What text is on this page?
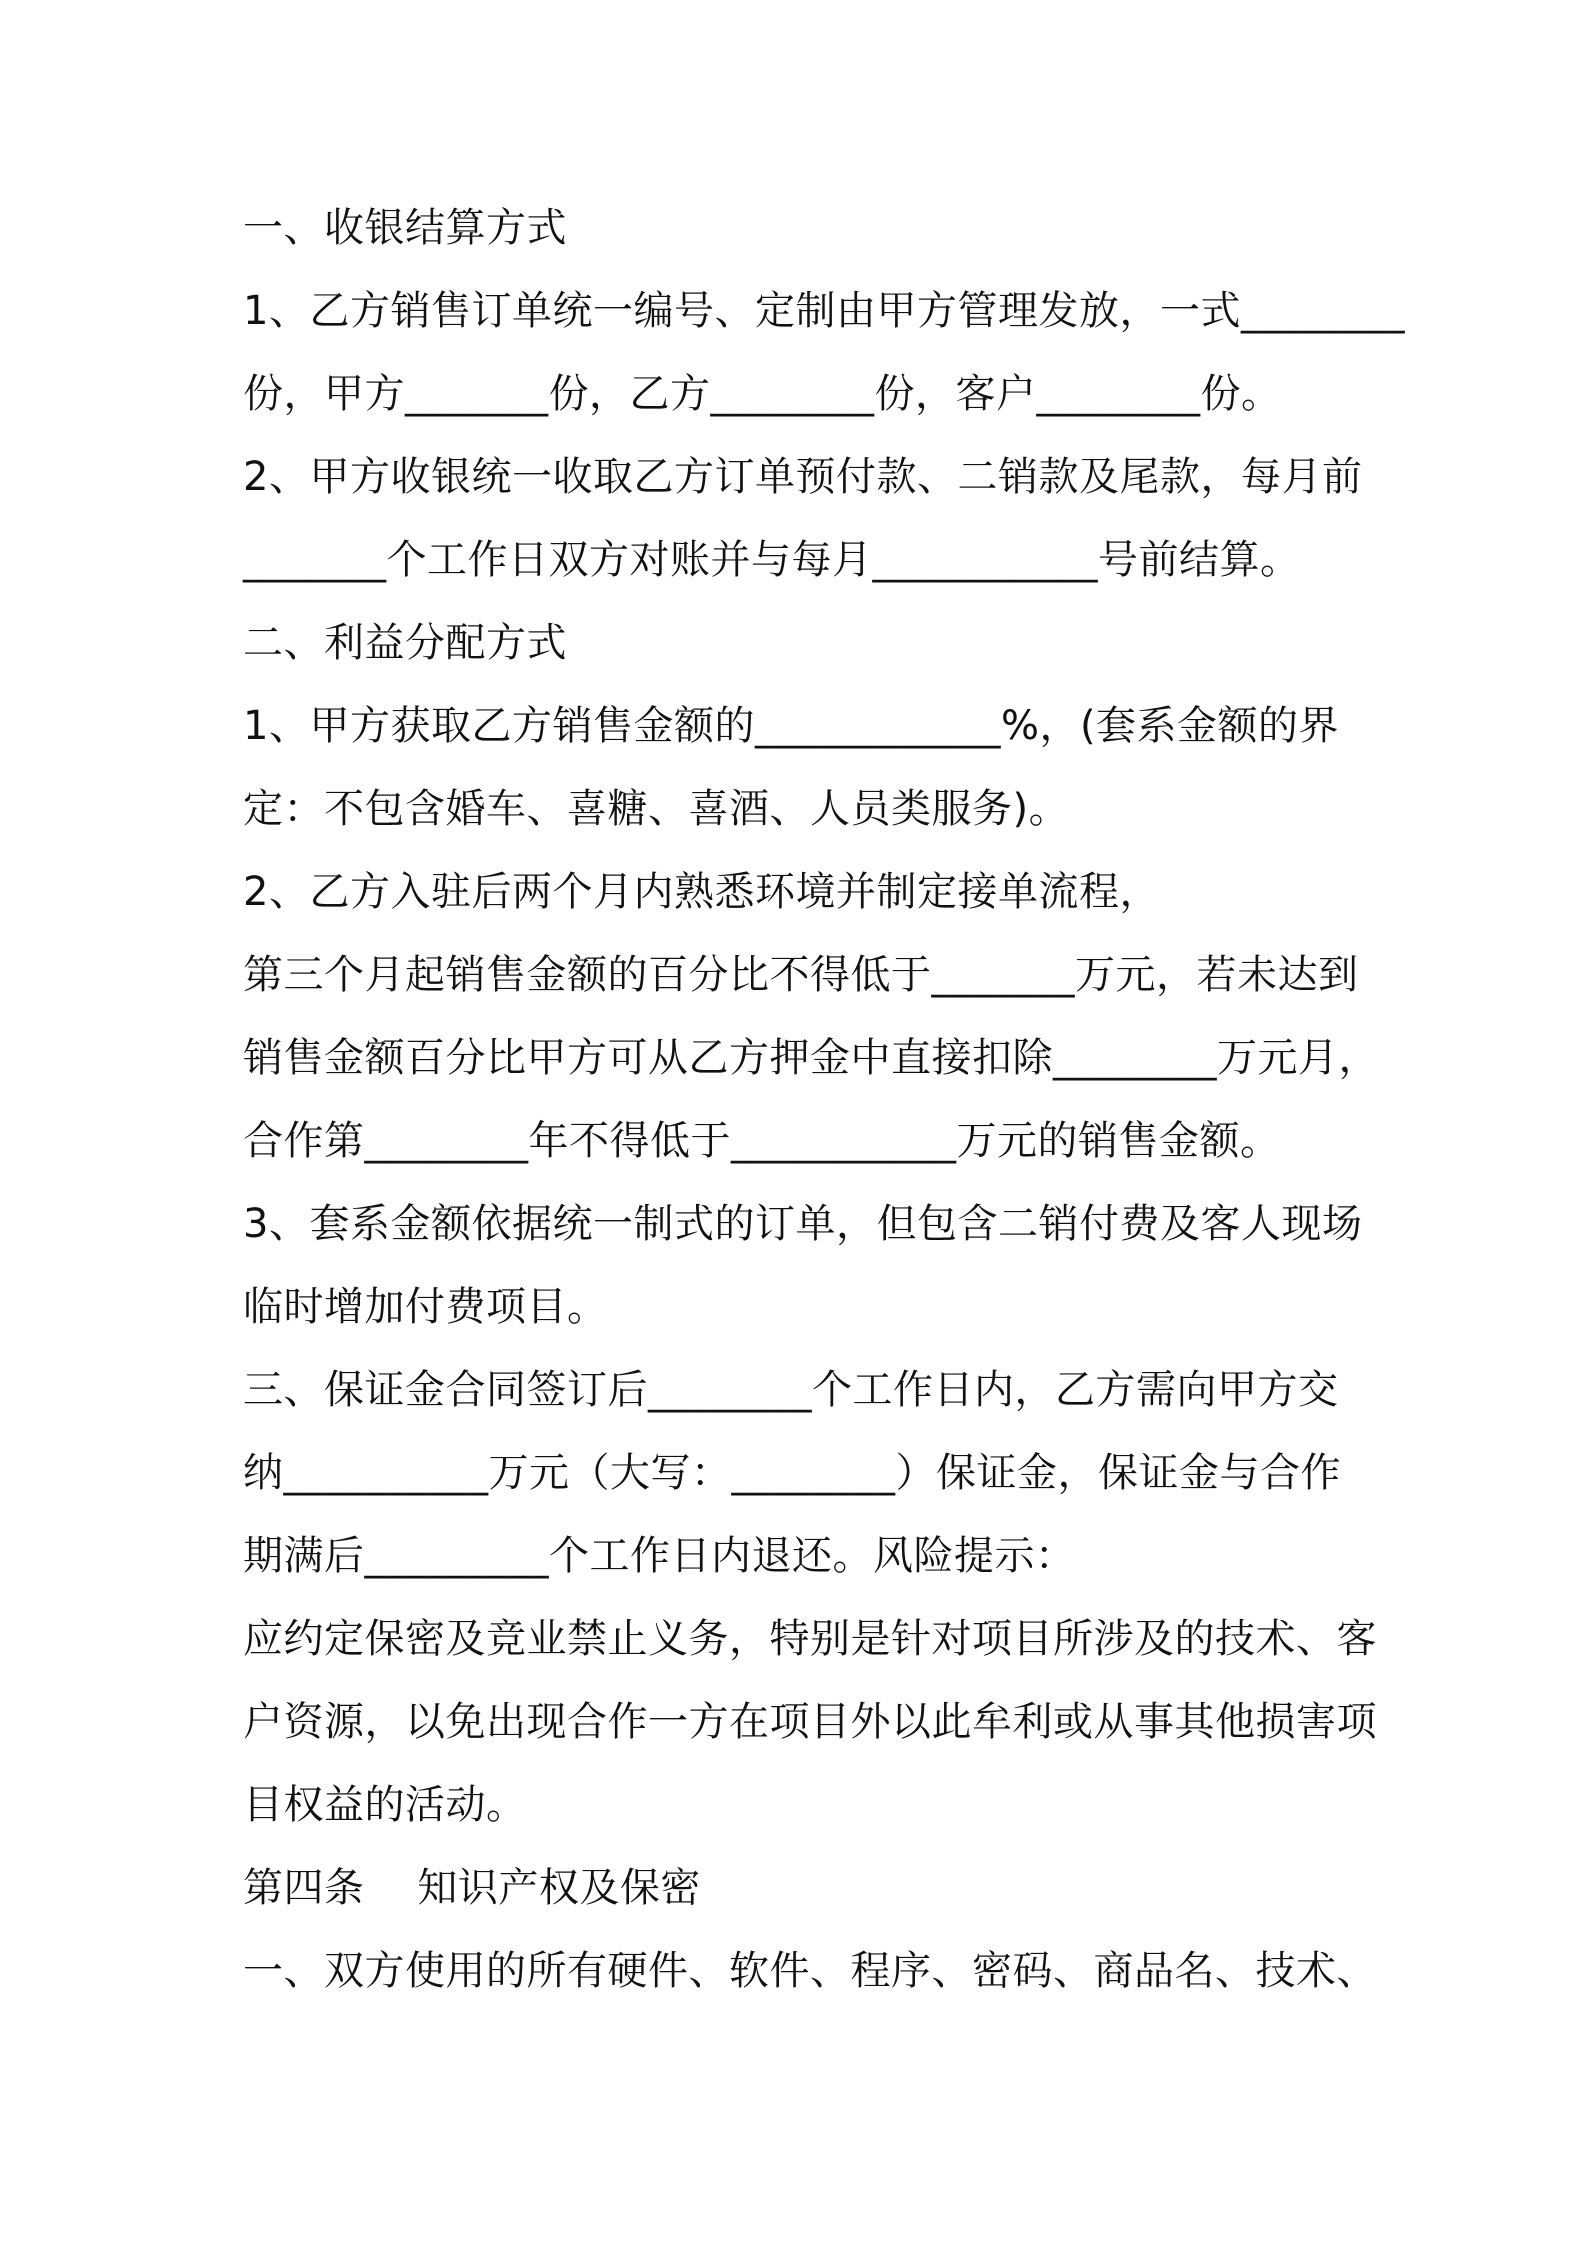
一、收银结算方式
1、乙方销售订单统一编号、定制由甲方管理发放，一式________
份，甲方_______份，乙方________份，客户________份。
2、甲方收银统一收取乙方订单预付款、二销款及尾款，每月前
_______个工作日双方对账并与每月___________号前结算。
二、利益分配方式
1、甲方获取乙方销售金额的____________%，(套系金额的界
定：不包含婚车、喜糖、喜酒、人员类服务)。
2、乙方入驻后两个月内熟悉环境并制定接单流程，
第三个月起销售金额的百分比不得低于_______万元，若未达到
销售金额百分比甲方可从乙方押金中直接扣除________万元月，
合作第________年不得低于___________万元的销售金额。
3、套系金额依据统一制式的订单，但包含二销付费及客人现场
临时增加付费项目。
三、保证金合同签订后________个工作日内，乙方需向甲方交
纳__________万元（大写：________）保证金，保证金与合作
期满后_________个工作日内退还。风险提示：
应约定保密及竞业禁止义务，特别是针对项目所涉及的技术、客
户资源，以免出现合作一方在项目外以此牟利或从事其他损害项
目权益的活动。
第四条    知识产权及保密
一、双方使用的所有硬件、软件、程序、密码、商品名、技术、
